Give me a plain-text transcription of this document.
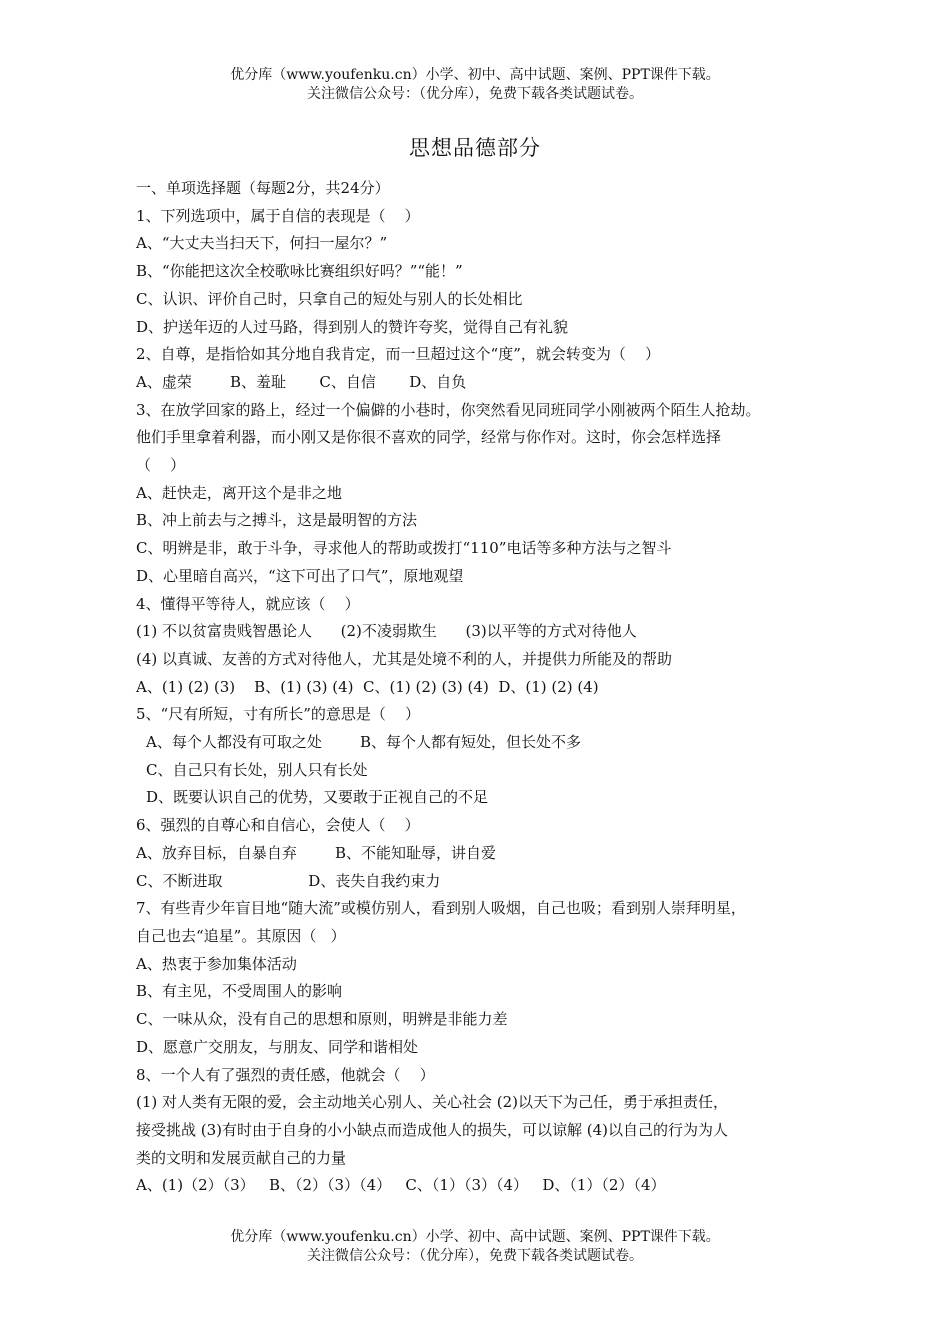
优分库（www.youfenku.cn）小学、初中、高中试题、案例、PPT课件下载。
关注微信公众号：（优分库），免费下载各类试题试卷。
思想品德部分
一、单项选择题（每题2分，共24分）
1、下列选项中，属于自信的表现是（    ）
A、“大丈夫当扫天下，何扫一屋尔？”
B、“你能把这次全校歌咏比赛组织好吗？”“能！”
C、认识、评价自己时，只拿自己的短处与别人的长处相比
D、护送年迈的人过马路，得到别人的赞许夸奖，觉得自己有礼貌
2、自尊，是指恰如其分地自我肯定，而一旦超过这个“度”，就会转变为（    ）
A、虚荣        B、羞耻       C、自信       D、自负
3、在放学回家的路上，经过一个偏僻的小巷时，你突然看见同班同学小刚被两个陌生人抢劫。
他们手里拿着利器，而小刚又是你很不喜欢的同学，经常与你作对。这时，你会怎样选择
（    ）
A、赶快走，离开这个是非之地
B、冲上前去与之搏斗，这是最明智的方法
C、明辨是非，敢于斗争，寻求他人的帮助或拨打“110”电话等多种方法与之智斗
D、心里暗自高兴，“这下可出了口气”，原地观望
4、懂得平等待人，就应该（    ）
(1) 不以贫富贵贱智愚论人      (2)不凌弱欺生      (3)以平等的方式对待他人
(4) 以真诚、友善的方式对待他人，尤其是处境不利的人，并提供力所能及的帮助
A、(1) (2) (3)    B、(1) (3) (4)  C、(1) (2) (3) (4)  D、(1) (2) (4)
5、“尺有所短，寸有所长”的意思是（    ）
A、每个人都没有可取之处        B、每个人都有短处，但长处不多
C、自己只有长处，别人只有长处
D、既要认识自己的优势，又要敢于正视自己的不足
6、强烈的自尊心和自信心，会使人（    ）
A、放弃目标，自暴自弃        B、不能知耻辱，讲自爱
C、不断进取                  D、丧失自我约束力
7、有些青少年盲目地“随大流”或模仿别人，看到别人吸烟，自己也吸；看到别人崇拜明星，
自己也去“追星”。其原因（   ）
A、热衷于参加集体活动
B、有主见，不受周围人的影响
C、一味从众，没有自己的思想和原则，明辨是非能力差
D、愿意广交朋友，与朋友、同学和谐相处
8、一个人有了强烈的责任感，他就会（    ）
(1) 对人类有无限的爱，会主动地关心别人、关心社会 (2)以天下为己任，勇于承担责任，
接受挑战 (3)有时由于自身的小小缺点而造成他人的损失，可以谅解 (4)以自己的行为为人
类的文明和发展贡献自己的力量
A、(1)（2）（3）   B、（2）（3）（4）   C、（1）（3）（4）   D、（1）（2）（4）
优分库（www.youfenku.cn）小学、初中、高中试题、案例、PPT课件下载。
关注微信公众号：（优分库），免费下载各类试题试卷。
